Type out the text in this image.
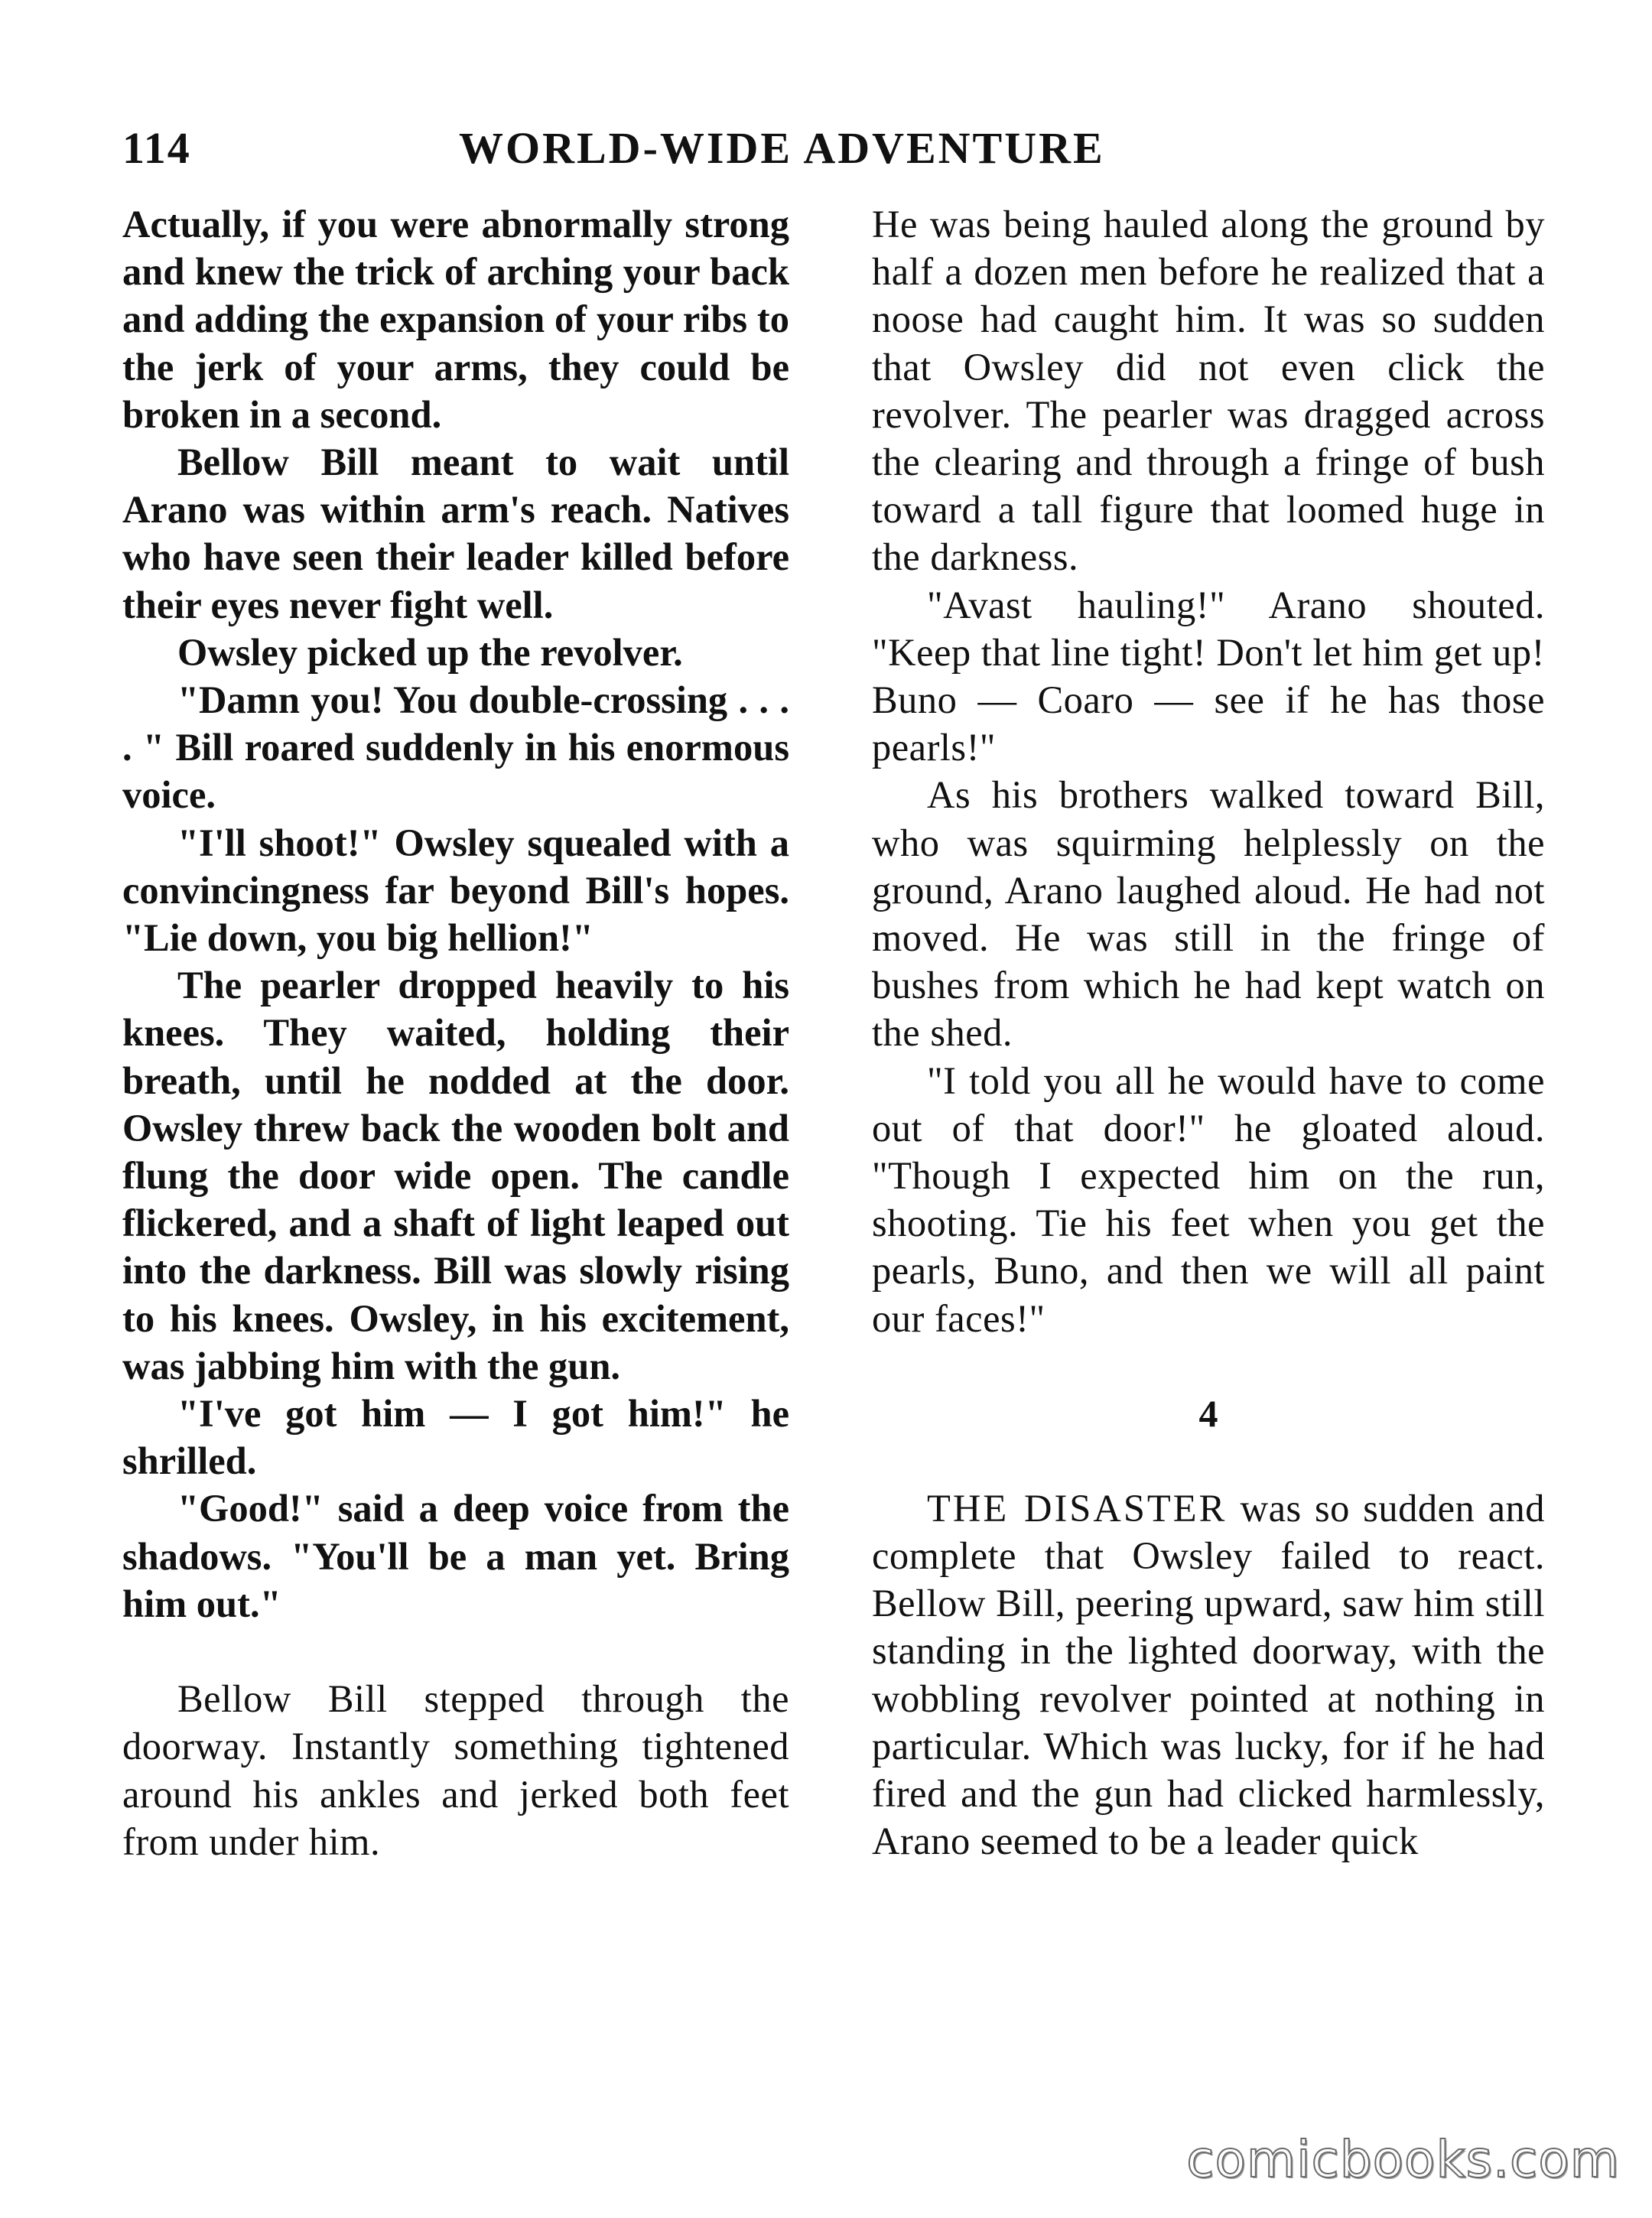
114	WORLD-WIDE ADVENTURE

Actually, if you were abnormally strong and knew the trick of arching your back and adding the expansion of your ribs to the jerk of your arms, they could be broken in a second.

Bellow Bill meant to wait until Arano was within arm's reach. Natives who have seen their leader killed before their eyes never fight well.

Owsley picked up the revolver.

"Damn you! You double-crossing . . . . " Bill roared suddenly in his enormous voice.

"I'll shoot!" Owsley squealed with a convincingness far beyond Bill's hopes. "Lie down, you big hellion!"

The pearler dropped heavily to his knees. They waited, holding their breath, until he nodded at the door. Owsley threw back the wooden bolt and flung the door wide open. The candle flickered, and a shaft of light leaped out into the darkness. Bill was slowly rising to his knees. Owsley, in his excitement, was jabbing him with the gun.

"I've got him — I got him!" he shrilled.

"Good!" said a deep voice from the shadows. "You'll be a man yet. Bring him out."

Bellow Bill stepped through the doorway. Instantly something tightened around his ankles and jerked both feet from under him.

He was being hauled along the ground by half a dozen men before he realized that a noose had caught him. It was so sudden that Owsley did not even click the revolver. The pearler was dragged across the clearing and through a fringe of bush toward a tall figure that loomed huge in the darkness.

"Avast hauling!" Arano shouted. "Keep that line tight! Don't let him get up! Buno — Coaro — see if he has those pearls!"

As his brothers walked toward Bill, who was squirming helplessly on the ground, Arano laughed aloud. He had not moved. He was still in the fringe of bushes from which he had kept watch on the shed.

"I told you all he would have to come out of that door!" he gloated aloud. "Though I expected him on the run, shooting. Tie his feet when you get the pearls, Buno, and then we will all paint our faces!"

4

THE DISASTER was so sudden and complete that Owsley failed to react. Bellow Bill, peering upward, saw him still standing in the lighted doorway, with the wobbling revolver pointed at nothing in particular. Which was lucky, for if he had fired and the gun had clicked harmlessly, Arano seemed to be a leader quick

comicbooks.com
